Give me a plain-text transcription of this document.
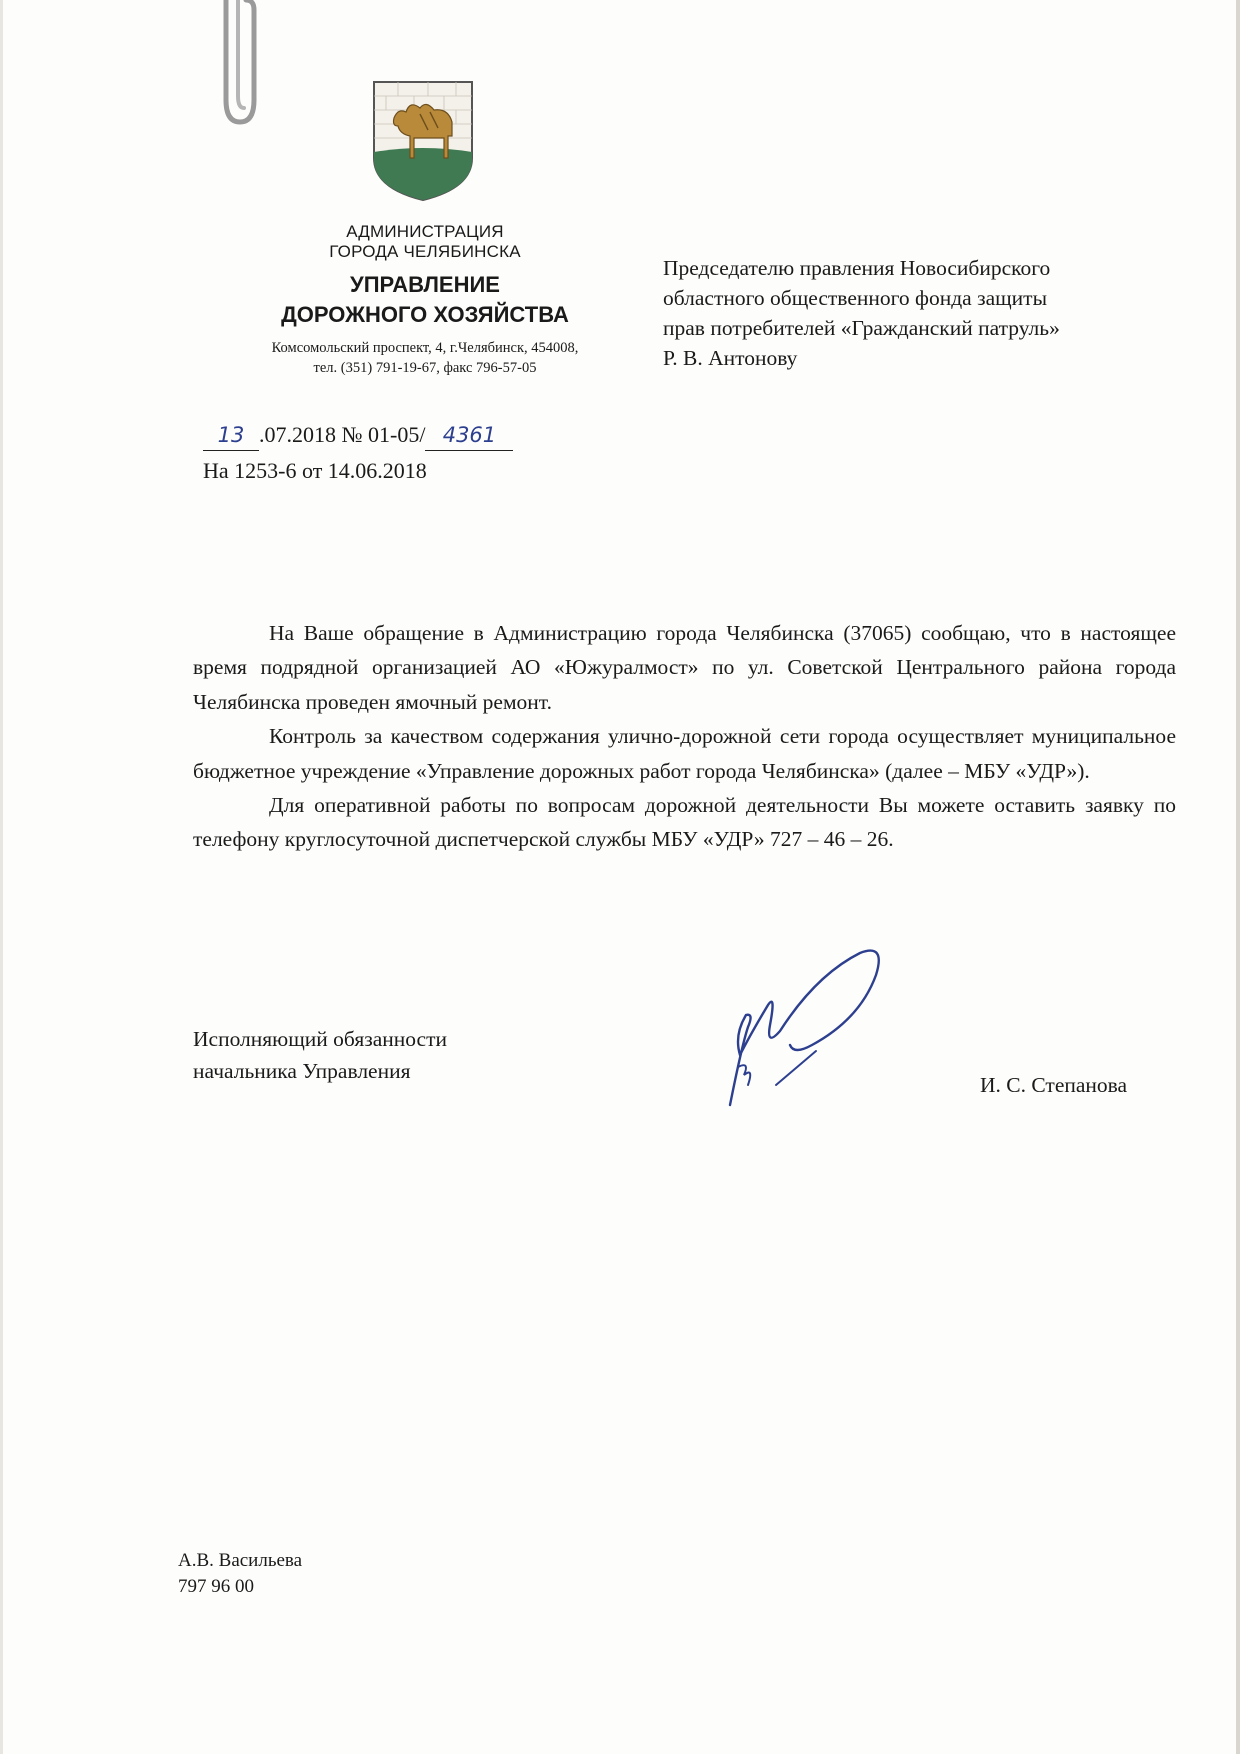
АДМИНИСТРАЦИЯ
ГОРОДА ЧЕЛЯБИНСКА
УПРАВЛЕНИЕ
ДОРОЖНОГО ХОЗЯЙСТВА
Комсомольский проспект, 4, г.Челябинск, 454008,
тел. (351) 791-19-67, факс 796-57-05
Председателю правления Новосибирского
областного общественного фонда защиты
прав потребителей «Гражданский патруль»
Р. В. Антонову
13 .07.2018 № 01-05/ 4361
На 1253-6 от 14.06.2018

На Ваше обращение в Администрацию города Челябинска (37065) сообщаю, что в настоящее время подрядной организацией АО «Южуралмост» по ул. Советской Центрального района города Челябинска проведен ямочный ремонт.

Контроль за качеством содержания улично-дорожной сети города осуществляет муниципальное бюджетное учреждение «Управление дорожных работ города Челябинска» (далее – МБУ «УДР»).

Для оперативной работы по вопросам дорожной деятельности Вы можете оставить заявку по телефону круглосуточной диспетчерской службы МБУ «УДР» 727 – 46 – 26.

Исполняющий обязанности
начальника Управления
И. С. Степанова
А.В. Васильева
797 96 00
